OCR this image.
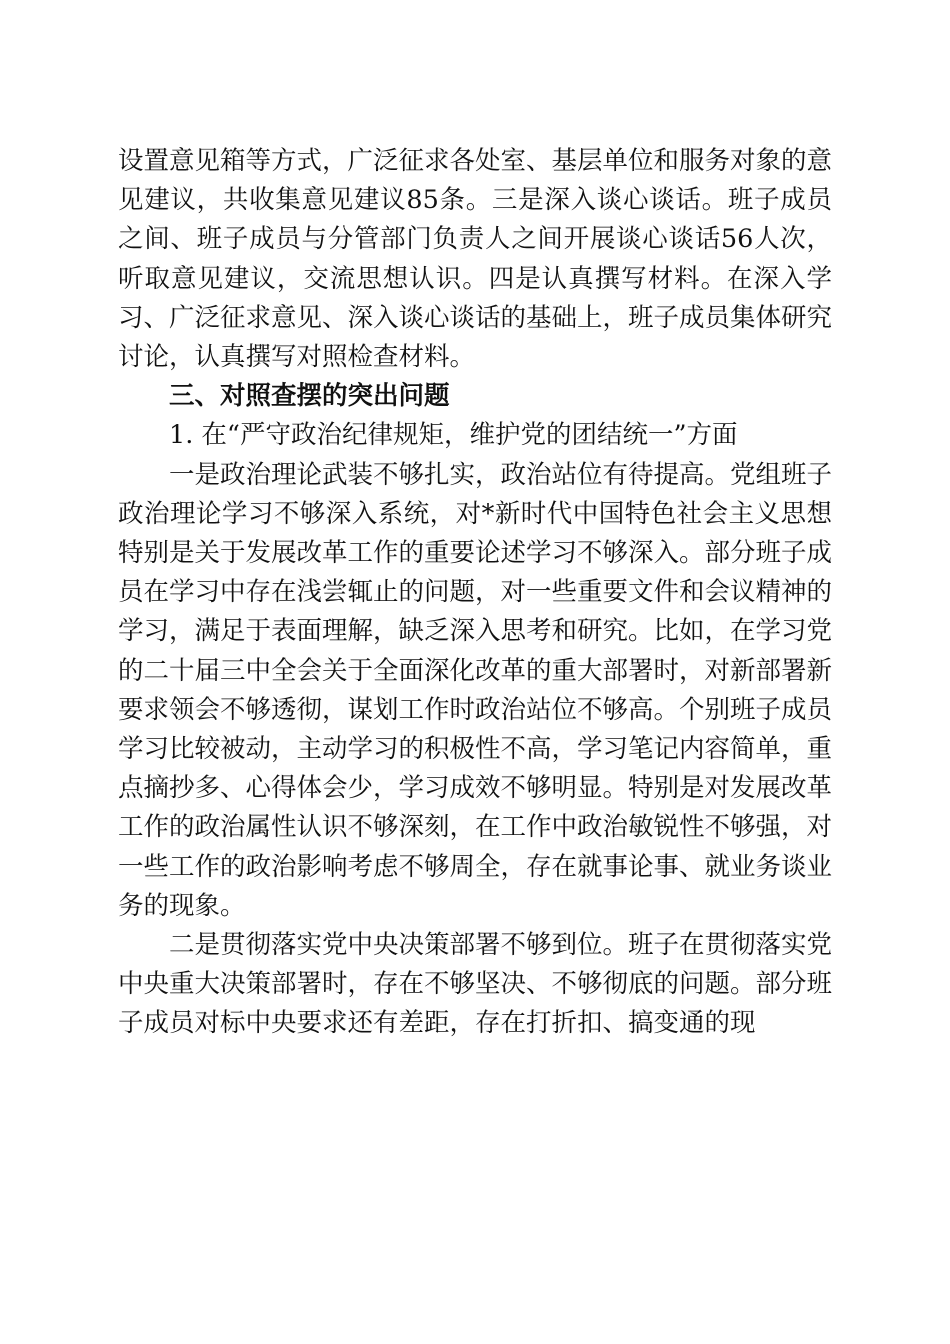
设置意见箱等方式，广泛征求各处室、基层单位和服务对象的意见建议，共收集意见建议85条。三是深入谈心谈话。班子成员之间、班子成员与分管部门负责人之间开展谈心谈话56人次，听取意见建议，交流思想认识。四是认真撰写材料。在深入学习、广泛征求意见、深入谈心谈话的基础上，班子成员集体研究讨论，认真撰写对照检查材料。

三、对照查摆的突出问题

1. 在“严守政治纪律规矩，维护党的团结统一”方面

一是政治理论武装不够扎实，政治站位有待提高。党组班子政治理论学习不够深入系统，对*新时代中国特色社会主义思想特别是关于发展改革工作的重要论述学习不够深入。部分班子成员在学习中存在浅尝辄止的问题，对一些重要文件和会议精神的学习，满足于表面理解，缺乏深入思考和研究。比如，在学习党的二十届三中全会关于全面深化改革的重大部署时，对新部署新要求领会不够透彻，谋划工作时政治站位不够高。个别班子成员学习比较被动，主动学习的积极性不高，学习笔记内容简单，重点摘抄多、心得体会少，学习成效不够明显。特别是对发展改革工作的政治属性认识不够深刻，在工作中政治敏锐性不够强，对一些工作的政治影响考虑不够周全，存在就事论事、就业务谈业务的现象。

二是贯彻落实党中央决策部署不够到位。班子在贯彻落实党中央重大决策部署时，存在不够坚决、不够彻底的问题。部分班子成员对标中央要求还有差距，存在打折扣、搞变通的现
